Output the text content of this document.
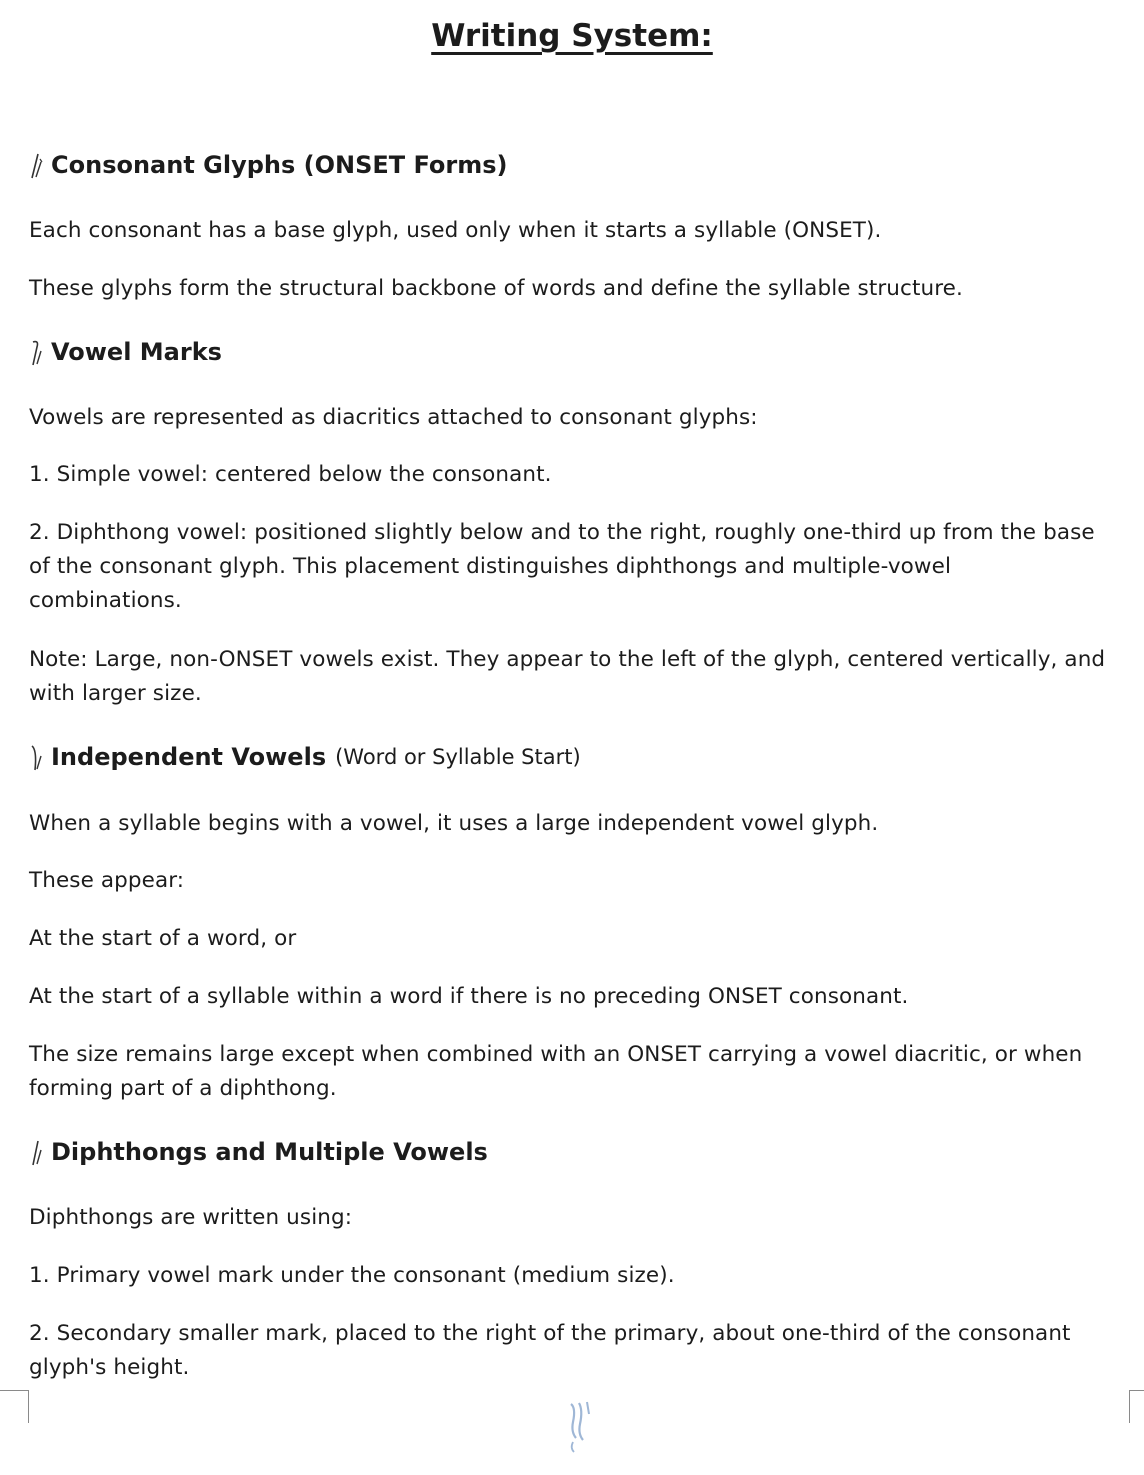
Writing System:
Consonant Glyphs (ONSET Forms)

Each consonant has a base glyph, used only when it starts a syllable (ONSET).

These glyphs form the structural backbone of words and define the syllable structure.

Vowel Marks

Vowels are represented as diacritics attached to consonant glyphs:

1. Simple vowel: centered below the consonant.

2. Diphthong vowel: positioned slightly below and to the right, roughly one-third up from the base of the consonant glyph. This placement distinguishes diphthongs and multiple-vowel combinations.

Note: Large, non-ONSET vowels exist. They appear to the left of the glyph, centered vertically, and with larger size.

Independent Vowels (Word or Syllable Start)

When a syllable begins with a vowel, it uses a large independent vowel glyph.

These appear:

At the start of a word, or

At the start of a syllable within a word if there is no preceding ONSET consonant.

The size remains large except when combined with an ONSET carrying a vowel diacritic, or when forming part of a diphthong.

Diphthongs and Multiple Vowels

Diphthongs are written using:

1. Primary vowel mark under the consonant (medium size).

2. Secondary smaller mark, placed to the right of the primary, about one-third of the consonant glyph's height.
